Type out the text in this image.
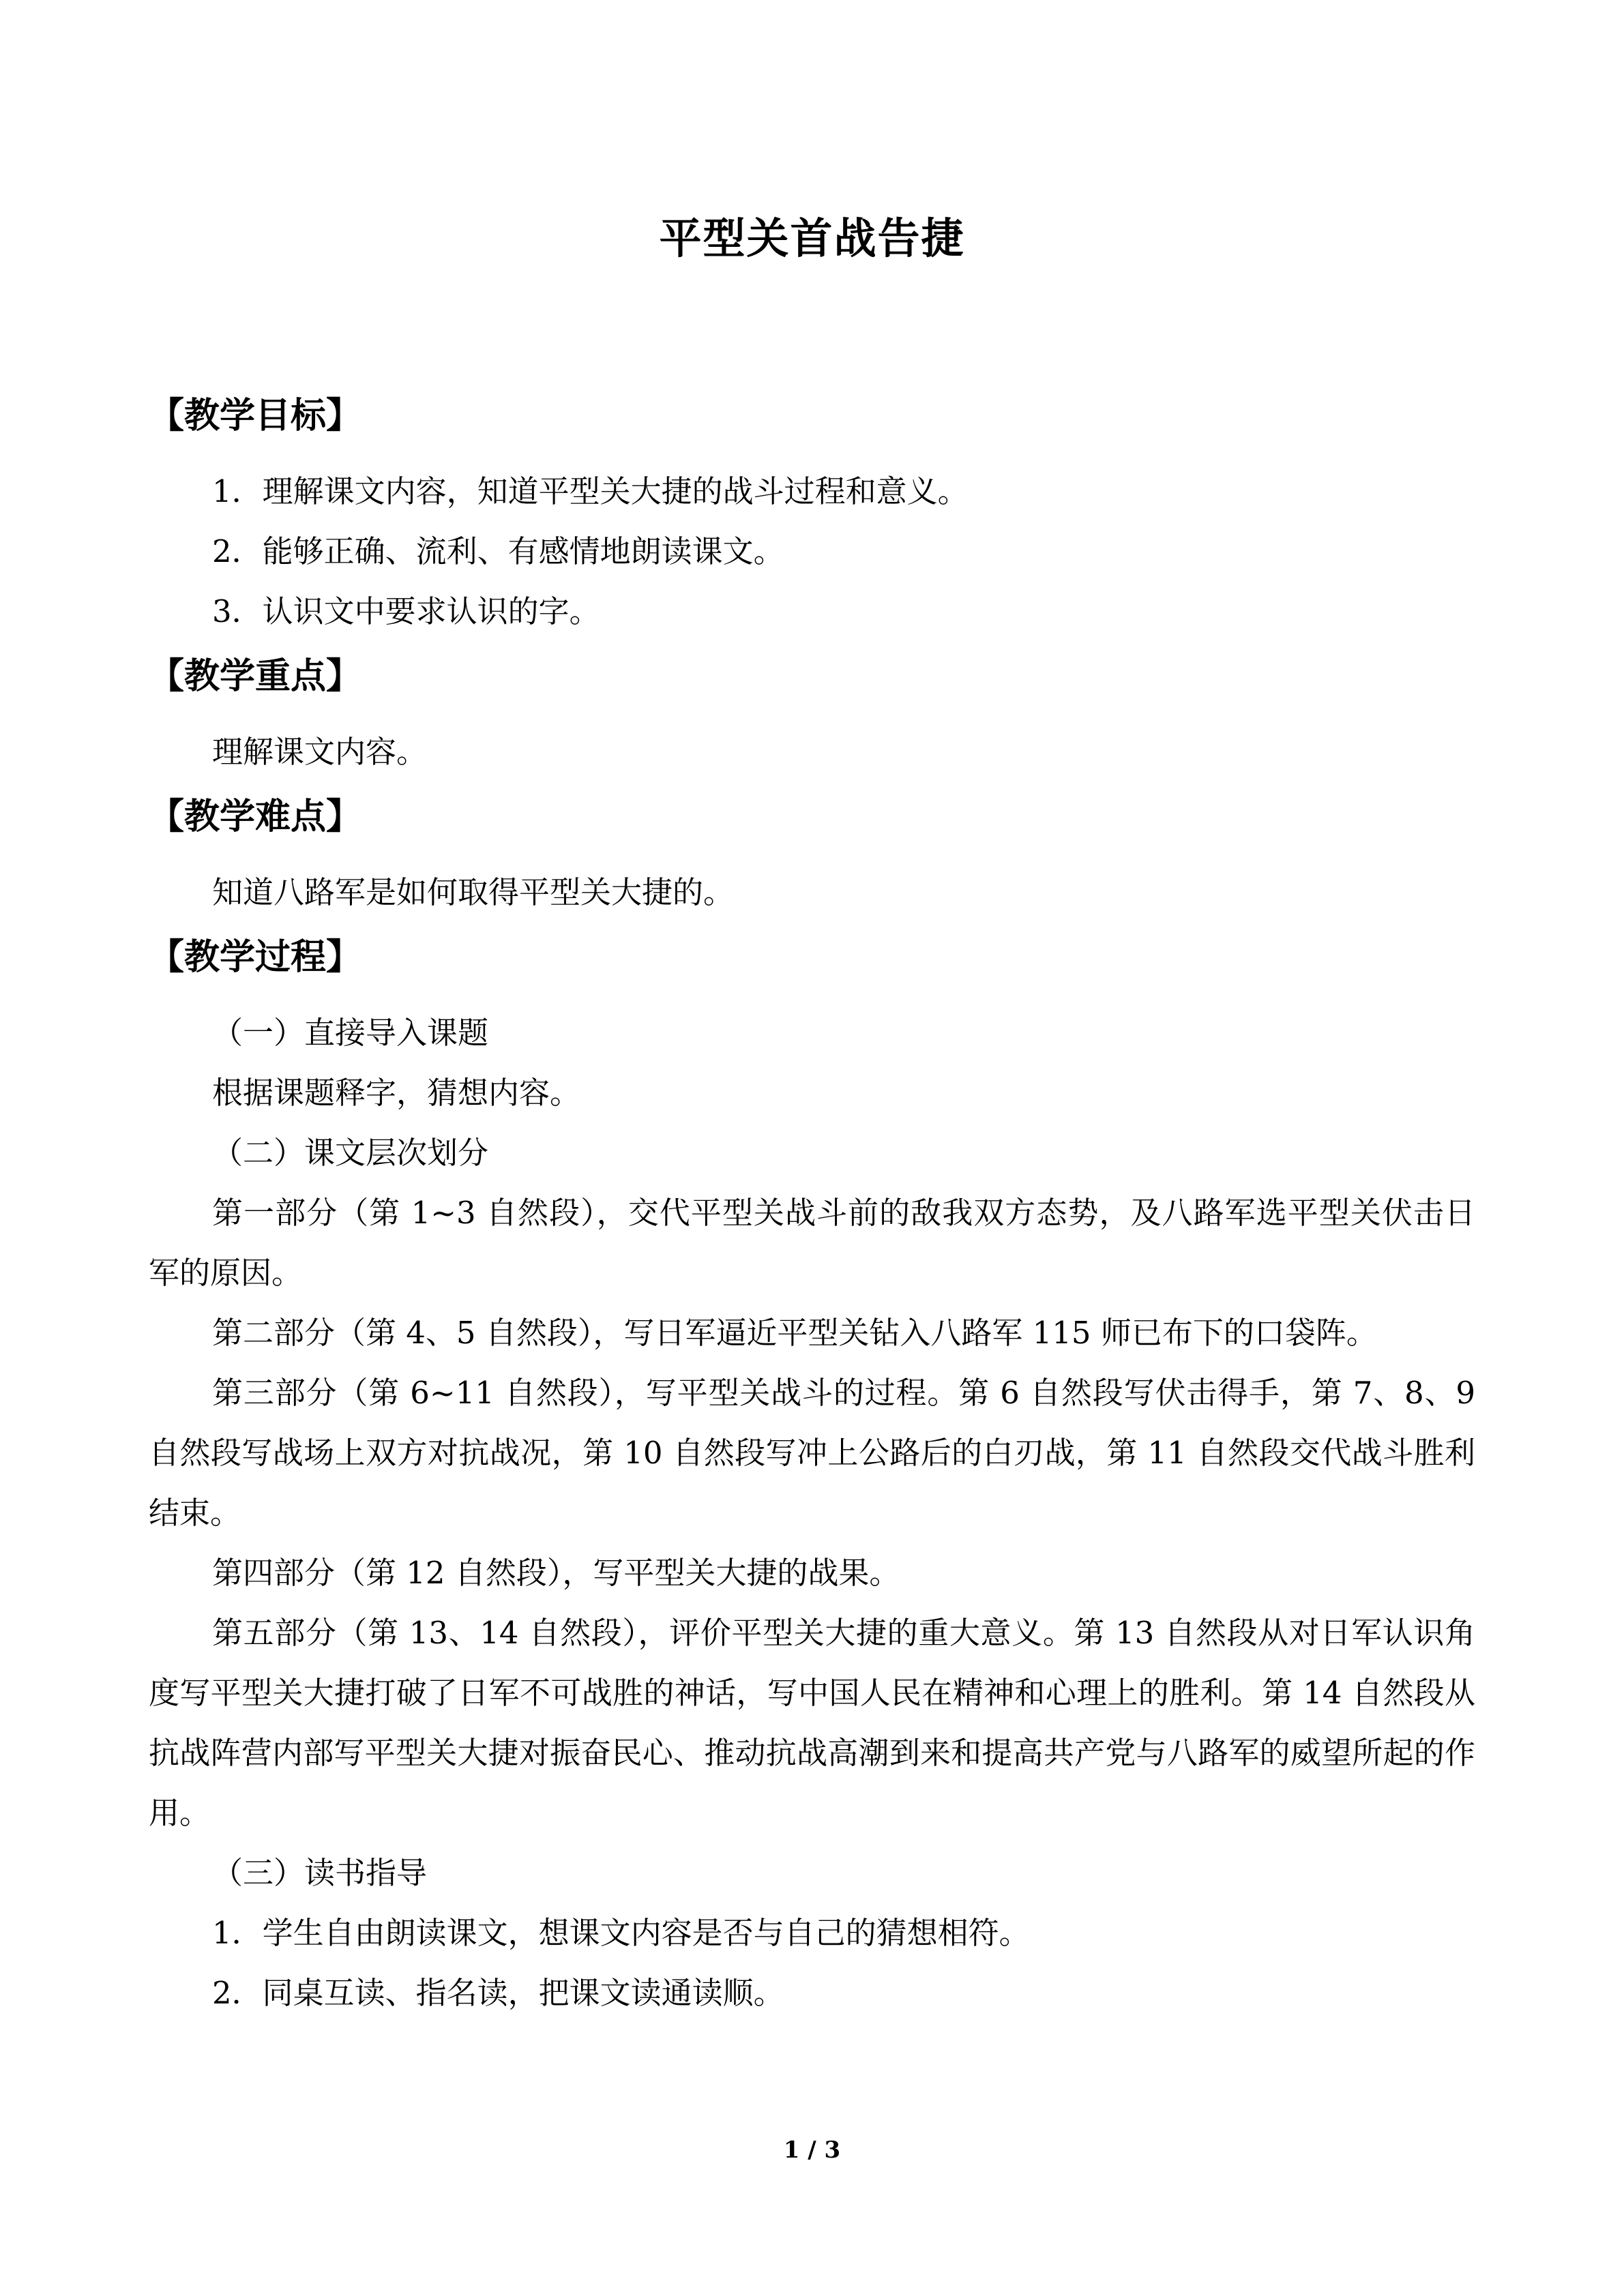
平型关首战告捷
【教学目标】

1．理解课文内容，知道平型关大捷的战斗过程和意义。

2．能够正确、流利、有感情地朗读课文。

3．认识文中要求认识的字。

【教学重点】

理解课文内容。

【教学难点】

知道八路军是如何取得平型关大捷的。

【教学过程】

（一）直接导入课题

根据课题释字，猜想内容。

（二）课文层次划分

第一部分（第 1~3 自然段），交代平型关战斗前的敌我双方态势，及八路军选平型关伏击日军的原因。

第二部分（第 4、5 自然段），写日军逼近平型关钻入八路军 115 师已布下的口袋阵。

第三部分（第 6~11 自然段），写平型关战斗的过程。第 6 自然段写伏击得手，第 7、8、9 自然段写战场上双方对抗战况，第 10 自然段写冲上公路后的白刃战，第 11 自然段交代战斗胜利结束。

第四部分（第 12 自然段），写平型关大捷的战果。

第五部分（第 13、14 自然段），评价平型关大捷的重大意义。第 13 自然段从对日军认识角度写平型关大捷打破了日军不可战胜的神话，写中国人民在精神和心理上的胜利。第 14 自然段从抗战阵营内部写平型关大捷对振奋民心、推动抗战高潮到来和提高共产党与八路军的威望所起的作用。

（三）读书指导

1．学生自由朗读课文，想课文内容是否与自己的猜想相符。

2．同桌互读、指名读，把课文读通读顺。

1 / 3
